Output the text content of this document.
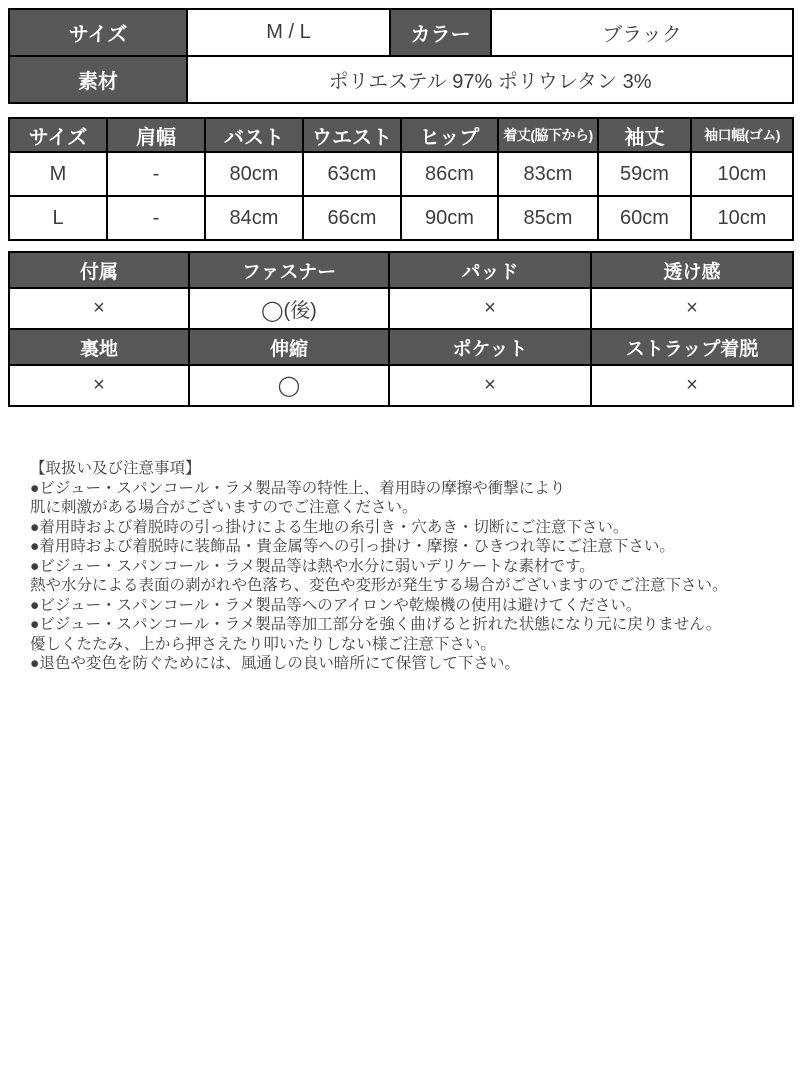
サイズ	M / L	カラー	ブラック
素材	ポリエステル 97% ポリウレタン 3%		
サイズ	肩幅	バスト	ウエスト	ヒップ	着丈(脇下から)	袖丈	袖口幅(ゴム)
M	-	80cm	63cm	86cm	83cm	59cm	10cm
L	-	84cm	66cm	90cm	85cm	60cm	10cm
付属	ファスナー	パッド	透け感
×	◯(後)	×	×
裏地	伸縮	ポケット	ストラップ着脱
×	◯	×	×
【取扱い及び注意事項】
●ビジュー・スパンコール・ラメ製品等の特性上、着用時の摩擦や衝撃により
肌に刺激がある場合がございますのでご注意ください。
●着用時および着脱時の引っ掛けによる生地の糸引き・穴あき・切断にご注意下さい。
●着用時および着脱時に装飾品・貴金属等への引っ掛け・摩擦・ひきつれ等にご注意下さい。
●ビジュー・スパンコール・ラメ製品等は熱や水分に弱いデリケートな素材です。
熱や水分による表面の剥がれや色落ち、変色や変形が発生する場合がございますのでご注意下さい。
●ビジュー・スパンコール・ラメ製品等へのアイロンや乾燥機の使用は避けてください。
●ビジュー・スパンコール・ラメ製品等加工部分を強く曲げると折れた状態になり元に戻りません。
優しくたたみ、上から押さえたり叩いたりしない様ご注意下さい。
●退色や変色を防ぐためには、風通しの良い暗所にて保管して下さい。
